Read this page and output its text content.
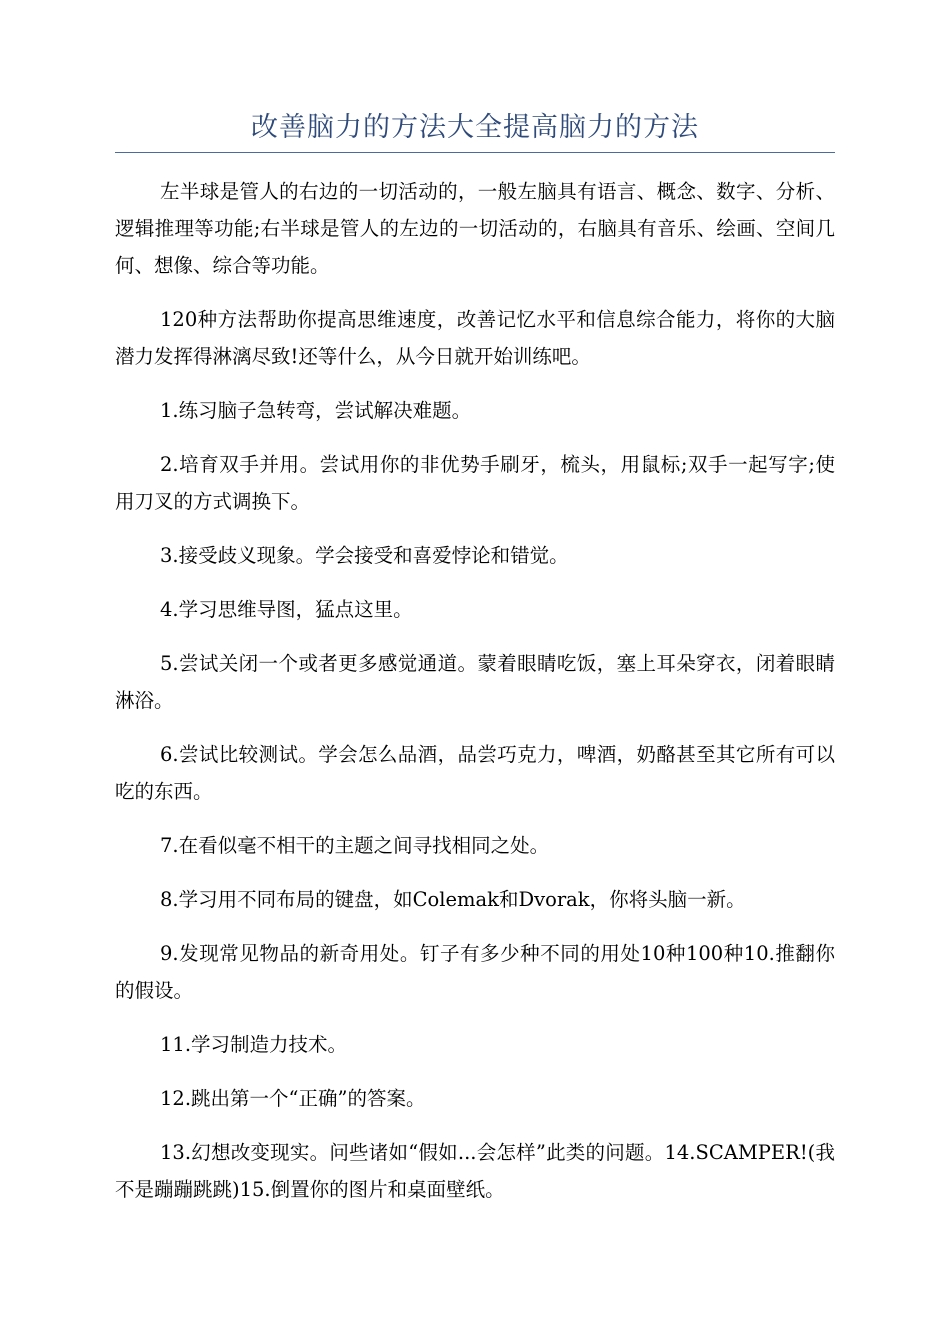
改善脑力的方法大全提高脑力的方法

左半球是管人的右边的一切活动的，一般左脑具有语言、概念、数字、分析、逻辑推理等功能;右半球是管人的左边的一切活动的，右脑具有音乐、绘画、空间几何、想像、综合等功能。

120种方法帮助你提高思维速度，改善记忆水平和信息综合能力，将你的大脑潜力发挥得淋漓尽致!还等什么，从今日就开始训练吧。

1.练习脑子急转弯，尝试解决难题。

2.培育双手并用。尝试用你的非优势手刷牙，梳头，用鼠标;双手一起写字;使用刀叉的方式调换下。

3.接受歧义现象。学会接受和喜爱悖论和错觉。

4.学习思维导图，猛点这里。

5.尝试关闭一个或者更多感觉通道。蒙着眼睛吃饭，塞上耳朵穿衣，闭着眼睛淋浴。

6.尝试比较测试。学会怎么品酒，品尝巧克力，啤酒，奶酪甚至其它所有可以吃的东西。

7.在看似毫不相干的主题之间寻找相同之处。

8.学习用不同布局的键盘，如Colemak和Dvorak，你将头脑一新。

9.发现常见物品的新奇用处。钉子有多少种不同的用处10种100种10.推翻你的假设。

11.学习制造力技术。

12.跳出第一个“正确”的答案。

13.幻想改变现实。问些诸如“假如...会怎样”此类的问题。14.SCAMPER!(我不是蹦蹦跳跳)15.倒置你的图片和桌面壁纸。
